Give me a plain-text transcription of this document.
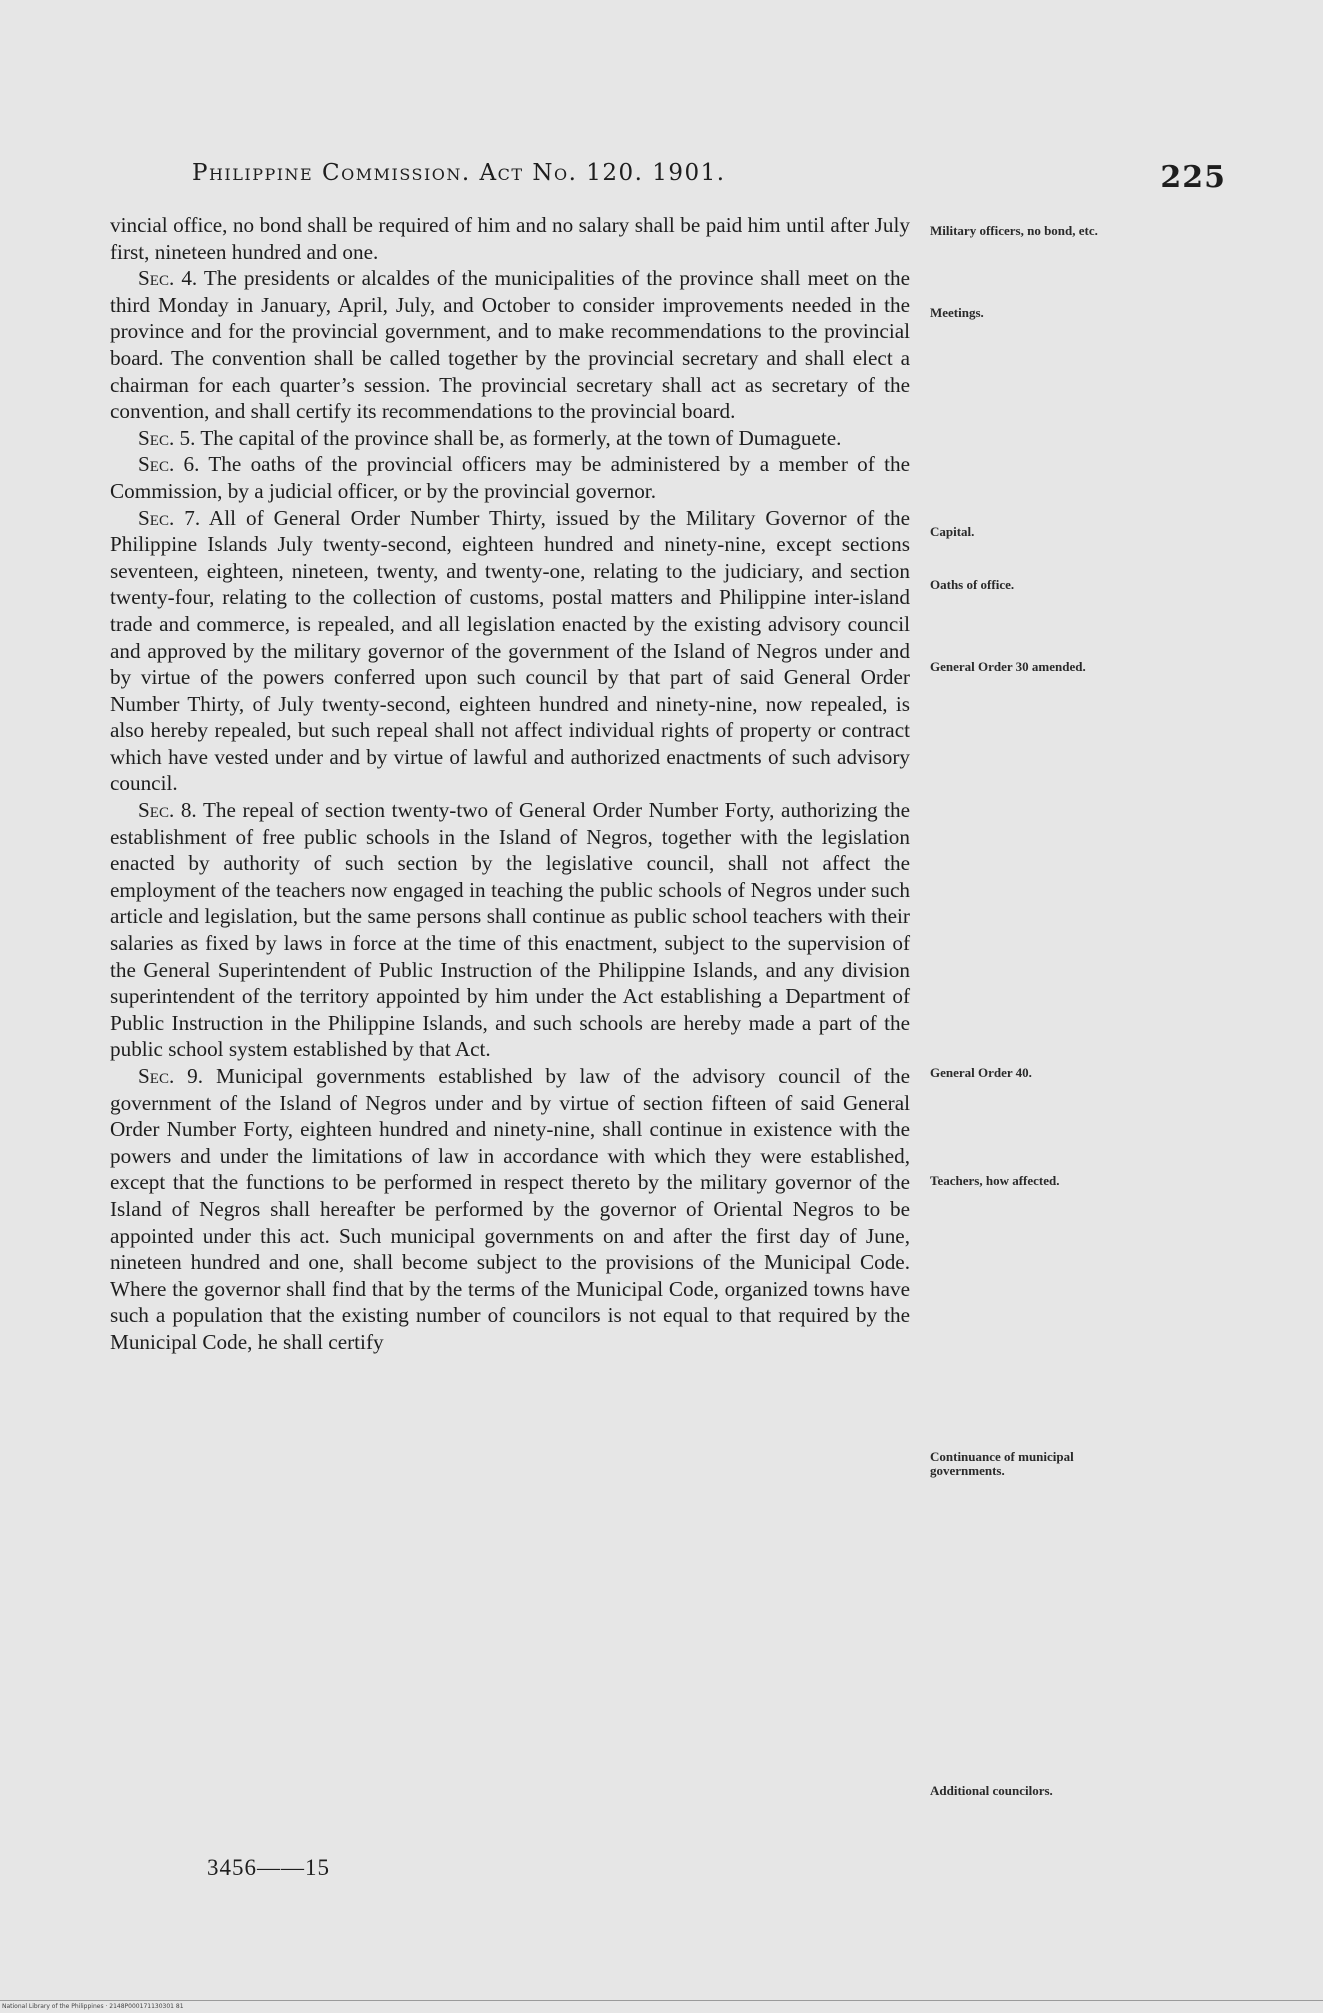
Philippine Commission. Act No. 120. 1901.	225

vincial office, no bond shall be required of him and no salary shall be paid him until after July first, nineteen hundred and one.

Sec. 4. The presidents or alcaldes of the municipalities of the province shall meet on the third Monday in January, April, July, and October to consider improvements needed in the province and for the provincial government, and to make recommendations to the provincial board. The convention shall be called together by the provincial secretary and shall elect a chairman for each quarter’s session. The provincial secretary shall act as secretary of the convention, and shall certify its recommendations to the provincial board.

Sec. 5. The capital of the province shall be, as formerly, at the town of Dumaguete.

Sec. 6. The oaths of the provincial officers may be administered by a member of the Commission, by a judicial officer, or by the provincial governor.

Sec. 7. All of General Order Number Thirty, issued by the Military Governor of the Philippine Islands July twenty-second, eighteen hundred and ninety-nine, except sections seventeen, eighteen, nineteen, twenty, and twenty-one, relating to the judiciary, and section twenty-four, relating to the collection of customs, postal matters and Philippine inter-island trade and commerce, is repealed, and all legislation enacted by the existing advisory council and approved by the military governor of the government of the Island of Negros under and by virtue of the powers conferred upon such council by that part of said General Order Number Thirty, of July twenty-second, eighteen hundred and ninety-nine, now repealed, is also hereby repealed, but such repeal shall not affect individual rights of property or contract which have vested under and by virtue of lawful and authorized enactments of such advisory council.

Sec. 8. The repeal of section twenty-two of General Order Number Forty, authorizing the establishment of free public schools in the Island of Negros, together with the legislation enacted by authority of such section by the legislative council, shall not affect the employment of the teachers now engaged in teaching the public schools of Negros under such article and legislation, but the same persons shall continue as public school teachers with their salaries as fixed by laws in force at the time of this enactment, subject to the supervision of the General Superintendent of Public Instruction of the Philippine Islands, and any division superintendent of the territory appointed by him under the Act establishing a Department of Public Instruction in the Philippine Islands, and such schools are hereby made a part of the public school system established by that Act.

Sec. 9. Municipal governments established by law of the advisory council of the government of the Island of Negros under and by virtue of section fifteen of said General Order Number Forty, eighteen hundred and ninety-nine, shall continue in existence with the powers and under the limitations of law in accordance with which they were established, except that the functions to be performed in respect thereto by the military governor of the Island of Negros shall hereafter be performed by the governor of Oriental Negros to be appointed under this act. Such municipal governments on and after the first day of June, nineteen hundred and one, shall become subject to the provisions of the Municipal Code. Where the governor shall find that by the terms of the Municipal Code, organized towns have such a population that the existing number of councilors is not equal to that required by the Municipal Code, he shall certify

Military officers, no bond, etc.
Meetings.
Capital.
Oaths of office.
General Order 30 amended.
General Order 40.
Teachers, how affected.
Continuance of municipal governments.
Additional councilors.
3456——15
National Library of the Philippines · 2148P000171130301 81
